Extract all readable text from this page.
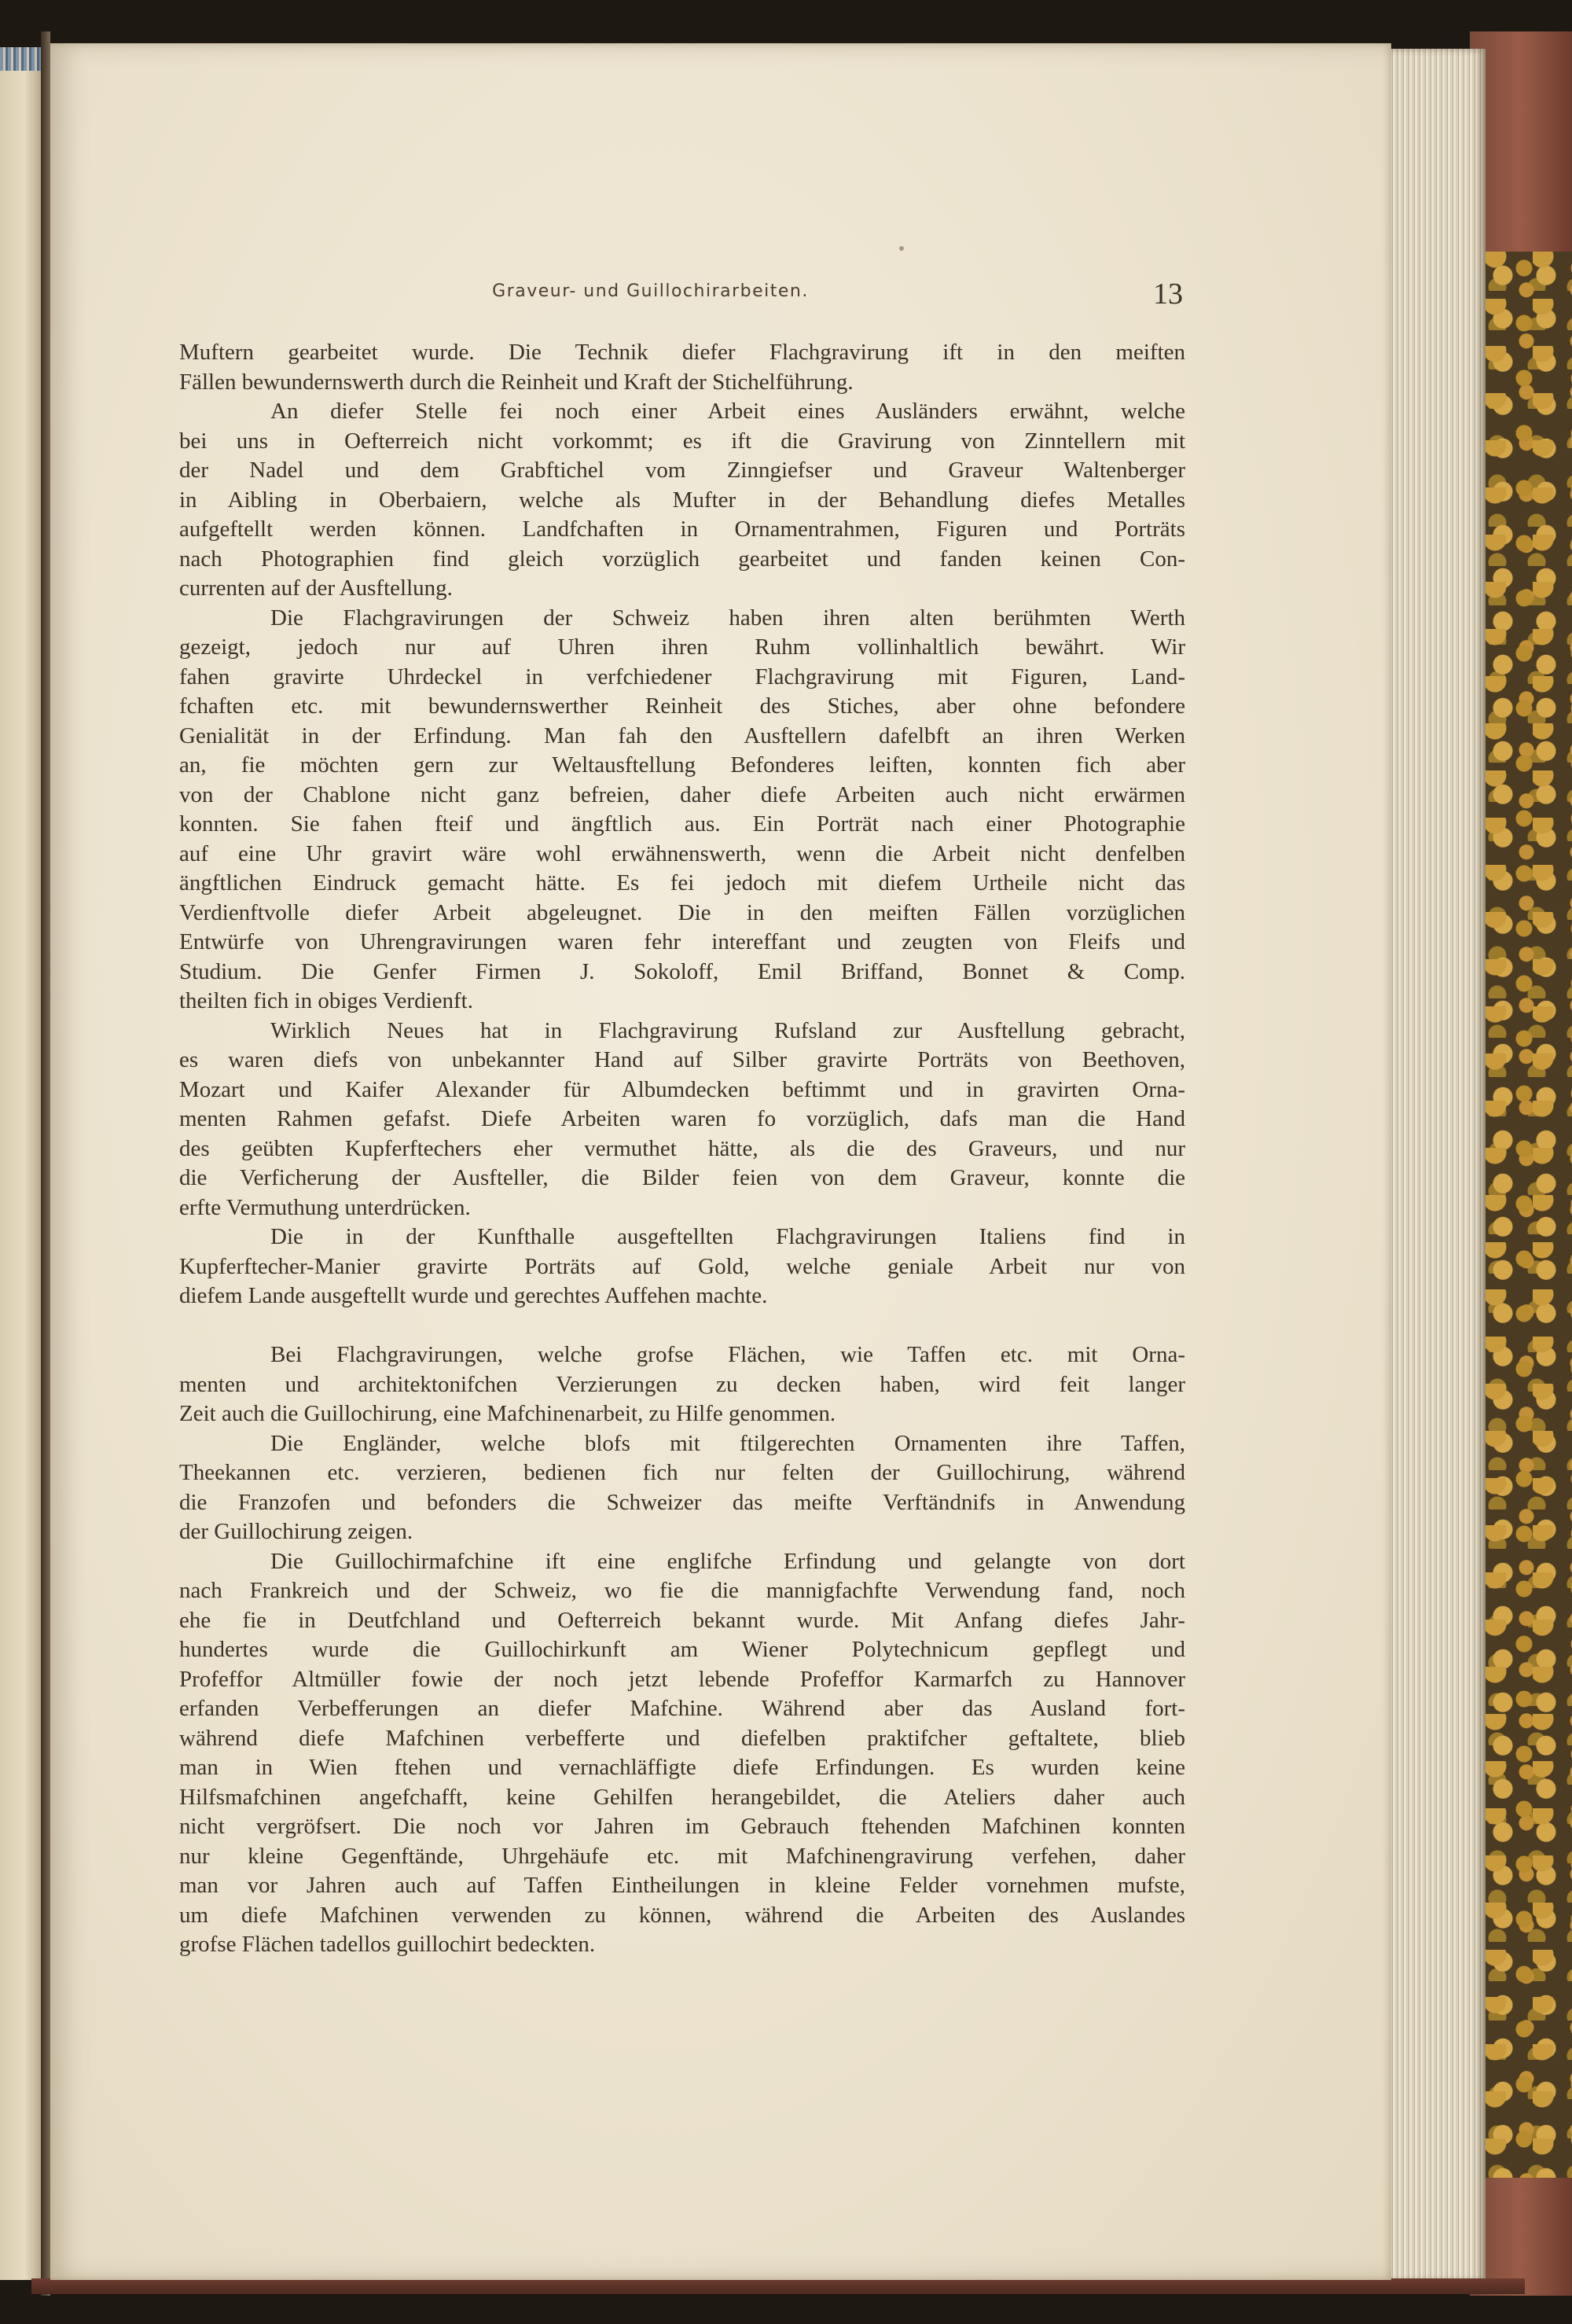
Graveur- und Guillochirarbeiten.	13

Muftern gearbeitet wurde. Die Technik diefer Flachgravirung ift in den meiften
Fällen bewundernswerth durch die Reinheit und Kraft der Stichelführung.

An diefer Stelle fei noch einer Arbeit eines Ausländers erwähnt, welche
bei uns in Oefterreich nicht vorkommt; es ift die Gravirung von Zinntellern mit
der Nadel und dem Grabftichel vom Zinngiefser und Graveur Waltenberger
in Aibling in Oberbaiern, welche als Mufter in der Behandlung diefes Metalles
aufgeftellt werden können. Landfchaften in Ornamentrahmen, Figuren und Porträts
nach Photographien find gleich vorzüglich gearbeitet und fanden keinen Con-
currenten auf der Ausftellung.

Die Flachgravirungen der Schweiz haben ihren alten berühmten Werth
gezeigt, jedoch nur auf Uhren ihren Ruhm vollinhaltlich bewährt. Wir
fahen gravirte Uhrdeckel in verfchiedener Flachgravirung mit Figuren, Land-
fchaften etc. mit bewundernswerther Reinheit des Stiches, aber ohne befondere
Genialität in der Erfindung. Man fah den Ausftellern dafelbft an ihren Werken
an, fie möchten gern zur Weltausftellung Befonderes leiften, konnten fich aber
von der Chablone nicht ganz befreien, daher diefe Arbeiten auch nicht erwärmen
konnten. Sie fahen fteif und ängftlich aus. Ein Porträt nach einer Photographie
auf eine Uhr gravirt wäre wohl erwähnenswerth, wenn die Arbeit nicht denfelben
ängftlichen Eindruck gemacht hätte. Es fei jedoch mit diefem Urtheile nicht das
Verdienftvolle diefer Arbeit abgeleugnet. Die in den meiften Fällen vorzüglichen
Entwürfe von Uhrengravirungen waren fehr intereffant und zeugten von Fleifs und
Studium. Die Genfer Firmen J. Sokoloff, Emil Briffand, Bonnet & Comp.
theilten fich in obiges Verdienft.

Wirklich Neues hat in Flachgravirung Rufsland zur Ausftellung gebracht,
es waren diefs von unbekannter Hand auf Silber gravirte Porträts von Beethoven,
Mozart und Kaifer Alexander für Albumdecken beftimmt und in gravirten Orna-
menten Rahmen gefafst. Diefe Arbeiten waren fo vorzüglich, dafs man die Hand
des geübten Kupferftechers eher vermuthet hätte, als die des Graveurs, und nur
die Verficherung der Ausfteller, die Bilder feien von dem Graveur, konnte die
erfte Vermuthung unterdrücken.

Die in der Kunfthalle ausgeftellten Flachgravirungen Italiens find in
Kupferftecher-Manier gravirte Porträts auf Gold, welche geniale Arbeit nur von
diefem Lande ausgeftellt wurde und gerechtes Auffehen machte.

Bei Flachgravirungen, welche grofse Flächen, wie Taffen etc. mit Orna-
menten und architektonifchen Verzierungen zu decken haben, wird feit langer
Zeit auch die Guillochirung, eine Mafchinenarbeit, zu Hilfe genommen.

Die Engländer, welche blofs mit ftilgerechten Ornamenten ihre Taffen,
Theekannen etc. verzieren, bedienen fich nur felten der Guillochirung, während
die Franzofen und befonders die Schweizer das meifte Verftändnifs in Anwendung
der Guillochirung zeigen.

Die Guillochirmafchine ift eine englifche Erfindung und gelangte von dort
nach Frankreich und der Schweiz, wo fie die mannigfachfte Verwendung fand, noch
ehe fie in Deutfchland und Oefterreich bekannt wurde. Mit Anfang diefes Jahr-
hundertes wurde die Guillochirkunft am Wiener Polytechnicum gepflegt und
Profeffor Altmüller fowie der noch jetzt lebende Profeffor Karmarfch zu Hannover
erfanden Verbefferungen an diefer Mafchine. Während aber das Ausland fort-
während diefe Mafchinen verbefferte und diefelben praktifcher geftaltete, blieb
man in Wien ftehen und vernachläffigte diefe Erfindungen. Es wurden keine
Hilfsmafchinen angefchafft, keine Gehilfen herangebildet, die Ateliers daher auch
nicht vergröfsert. Die noch vor Jahren im Gebrauch ftehenden Mafchinen konnten
nur kleine Gegenftände, Uhrgehäufe etc. mit Mafchinengravirung verfehen, daher
man vor Jahren auch auf Taffen Eintheilungen in kleine Felder vornehmen mufste,
um diefe Mafchinen verwenden zu können, während die Arbeiten des Auslandes
grofse Flächen tadellos guillochirt bedeckten.
